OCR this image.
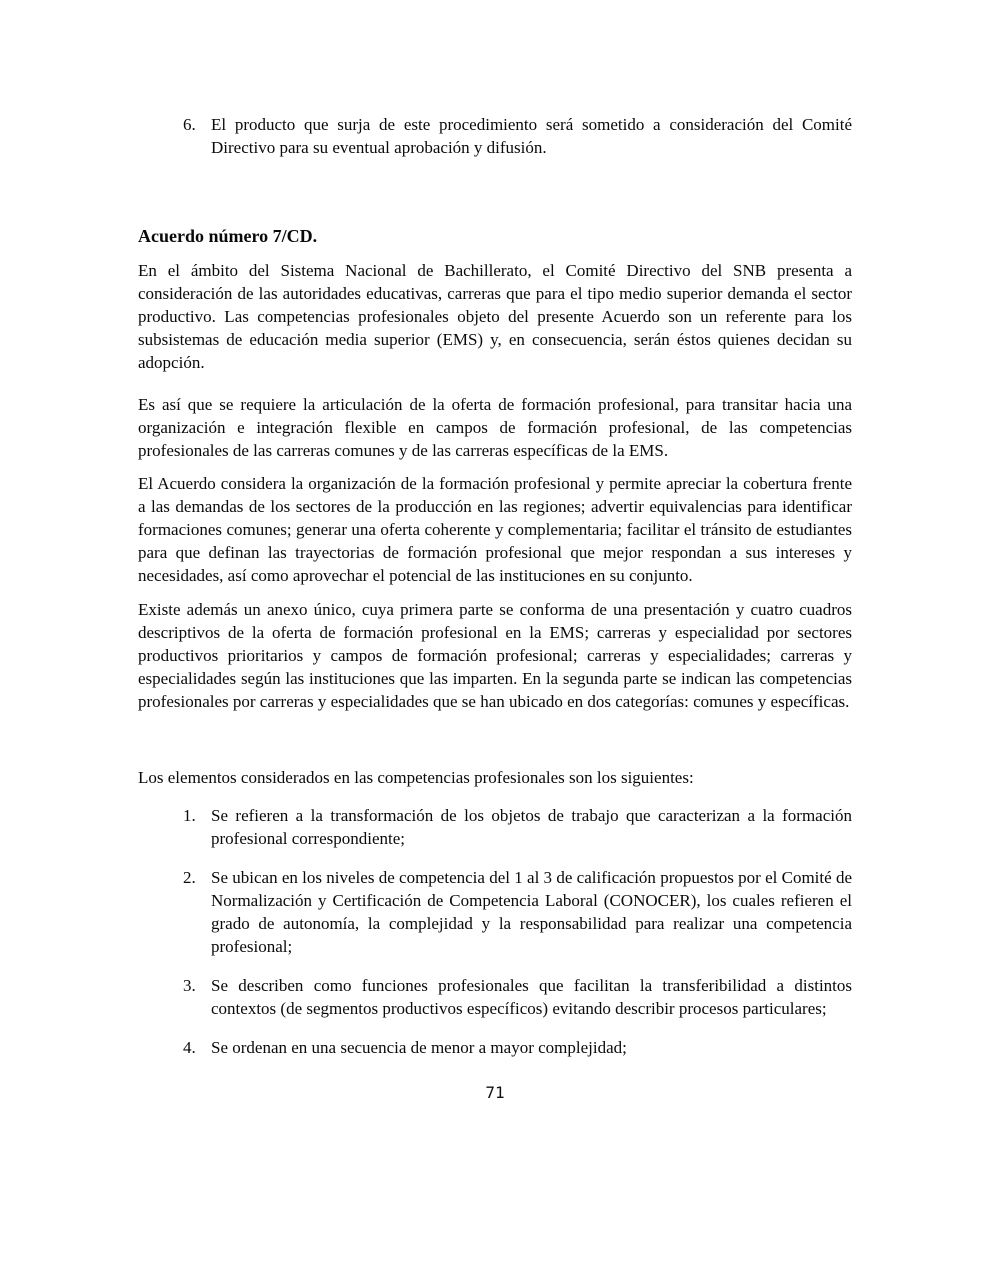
6. El producto que surja de este procedimiento será sometido a consideración del Comité Directivo para su eventual aprobación y difusión.
Acuerdo número 7/CD.

En el ámbito del Sistema Nacional de Bachillerato, el Comité Directivo del SNB presenta a consideración de las autoridades educativas, carreras que para el tipo medio superior demanda el sector productivo. Las competencias profesionales objeto del presente Acuerdo son un referente para los subsistemas de educación media superior (EMS) y, en consecuencia, serán éstos quienes decidan su adopción.

Es así que se requiere la articulación de la oferta de formación profesional, para transitar hacia una organización e integración flexible en campos de formación profesional, de las competencias profesionales de las carreras comunes y de las carreras específicas de la EMS.

El Acuerdo considera la organización de la formación profesional y permite apreciar la cobertura frente a las demandas de los sectores de la producción en las regiones; advertir equivalencias para identificar formaciones comunes; generar una oferta coherente y complementaria; facilitar el tránsito de estudiantes para que definan las trayectorias de formación profesional que mejor respondan a sus intereses y necesidades, así como aprovechar el potencial de las instituciones en su conjunto.

Existe además un anexo único, cuya primera parte se conforma de una presentación y cuatro cuadros descriptivos de la oferta de formación profesional en la EMS; carreras y especialidad por sectores productivos prioritarios y campos de formación profesional; carreras y especialidades; carreras y especialidades según las instituciones que las imparten. En la segunda parte se indican las competencias profesionales por carreras y especialidades que se han ubicado en dos categorías: comunes y específicas.

Los elementos considerados en las competencias profesionales son los siguientes:

1. Se refieren a la transformación de los objetos de trabajo que caracterizan a la formación profesional correspondiente;
2. Se ubican en los niveles de competencia del 1 al 3 de calificación propuestos por el Comité de Normalización y Certificación de Competencia Laboral (CONOCER), los cuales refieren el grado de autonomía, la complejidad y la responsabilidad para realizar una competencia profesional;
3. Se describen como funciones profesionales que facilitan la transferibilidad a distintos contextos (de segmentos productivos específicos) evitando describir procesos particulares;
4. Se ordenan en una secuencia de menor a mayor complejidad;
71
